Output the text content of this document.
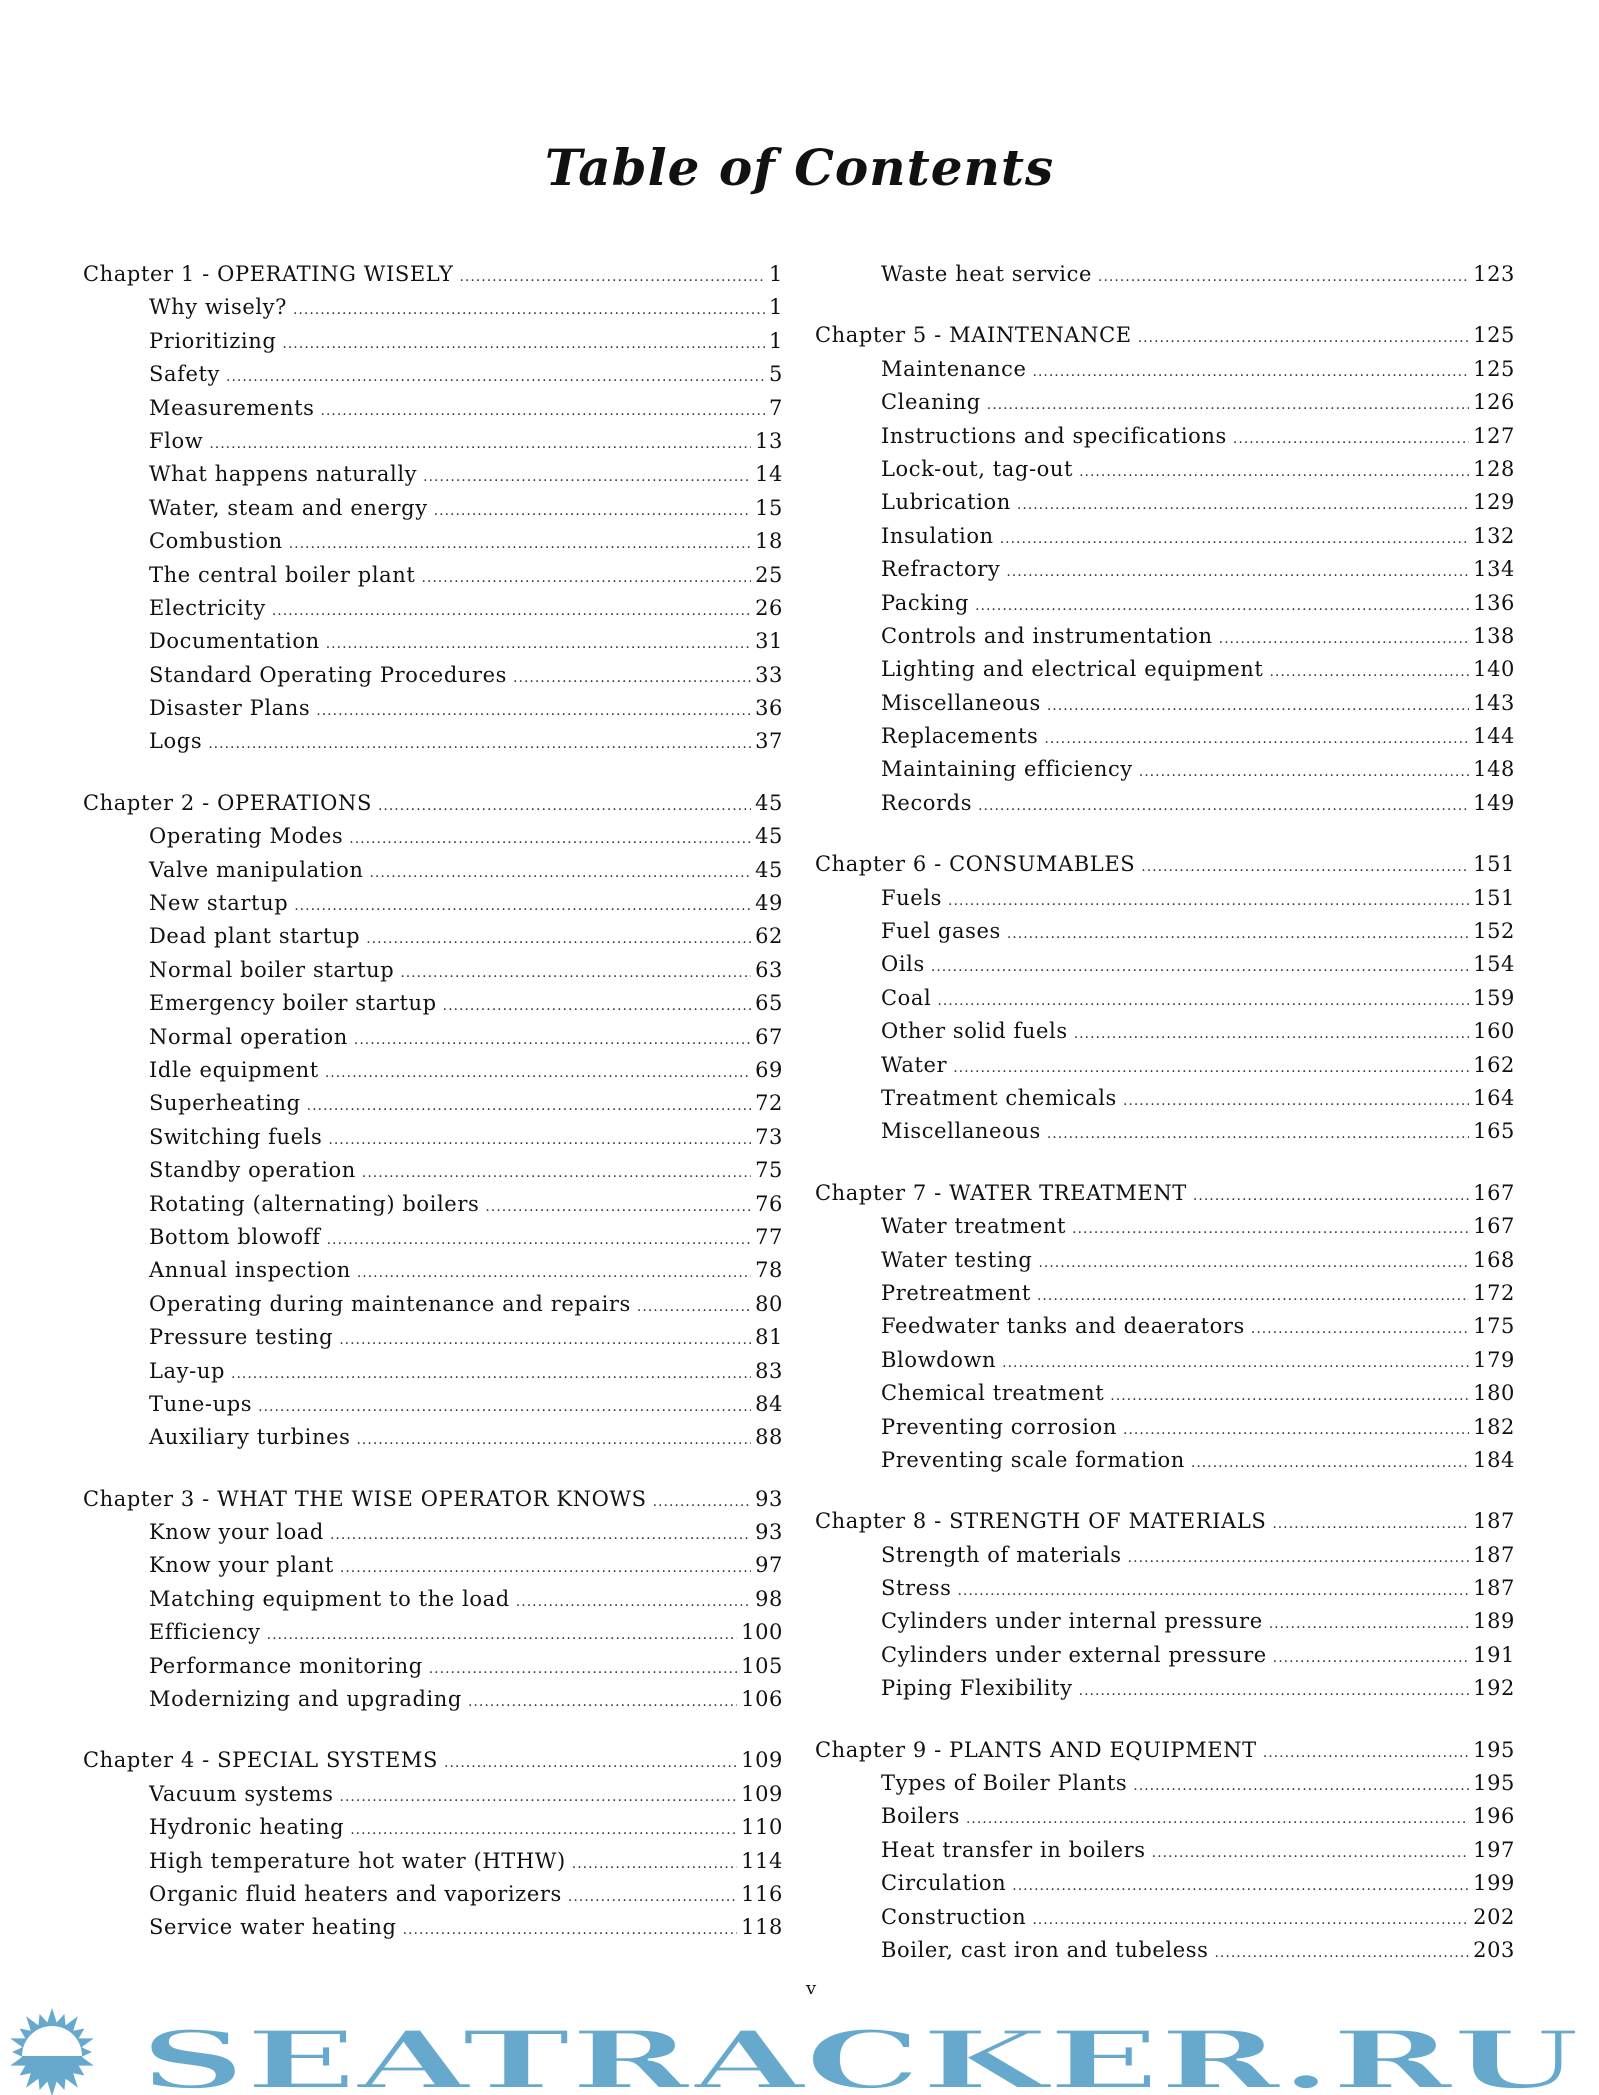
Table of Contents
Chapter 1 - OPERATING WISELY .....	1
Why wisely? .....	1
Prioritizing .....	1
Safety .....	5
Measurements .....	7
Flow .....	13
What happens naturally .....	14
Water, steam and energy .....	15
Combustion .....	18
The central boiler plant .....	25
Electricity .....	26
Documentation .....	31
Standard Operating Procedures .....	33
Disaster Plans .....	36
Logs .....	37
Chapter 2 - OPERATIONS .....	45
Operating Modes .....	45
Valve manipulation .....	45
New startup .....	49
Dead plant startup .....	62
Normal boiler startup .....	63
Emergency boiler startup .....	65
Normal operation .....	67
Idle equipment .....	69
Superheating .....	72
Switching fuels .....	73
Standby operation .....	75
Rotating (alternating) boilers .....	76
Bottom blowoff .....	77
Annual inspection .....	78
Operating during maintenance and repairs .....	80
Pressure testing .....	81
Lay-up .....	83
Tune-ups .....	84
Auxiliary turbines .....	88
Chapter 3 - WHAT THE WISE OPERATOR KNOWS .....	93
Know your load .....	93
Know your plant .....	97
Matching equipment to the load .....	98
Efficiency .....	100
Performance monitoring .....	105
Modernizing and upgrading .....	106
Chapter 4 - SPECIAL SYSTEMS .....	109
Vacuum systems .....	109
Hydronic heating .....	110
High temperature hot water (HTHW) .....	114
Organic fluid heaters and vaporizers .....	116
Service water heating .....	118
Waste heat service .....	123
Chapter 5 - MAINTENANCE .....	125
Maintenance .....	125
Cleaning .....	126
Instructions and specifications .....	127
Lock-out, tag-out .....	128
Lubrication .....	129
Insulation .....	132
Refractory .....	134
Packing .....	136
Controls and instrumentation .....	138
Lighting and electrical equipment .....	140
Miscellaneous .....	143
Replacements .....	144
Maintaining efficiency .....	148
Records .....	149
Chapter 6 - CONSUMABLES .....	151
Fuels .....	151
Fuel gases .....	152
Oils .....	154
Coal .....	159
Other solid fuels .....	160
Water .....	162
Treatment chemicals .....	164
Miscellaneous .....	165
Chapter 7 - WATER TREATMENT .....	167
Water treatment .....	167
Water testing .....	168
Pretreatment .....	172
Feedwater tanks and deaerators .....	175
Blowdown .....	179
Chemical treatment .....	180
Preventing corrosion .....	182
Preventing scale formation .....	184
Chapter 8 - STRENGTH OF MATERIALS .....	187
Strength of materials .....	187
Stress .....	187
Cylinders under internal pressure .....	189
Cylinders under external pressure .....	191
Piping Flexibility .....	192
Chapter 9 - PLANTS AND EQUIPMENT .....	195
Types of Boiler Plants .....	195
Boilers .....	196
Heat transfer in boilers .....	197
Circulation .....	199
Construction .....	202
Boiler, cast iron and tubeless .....	203
v
SEATRACKER.RU
